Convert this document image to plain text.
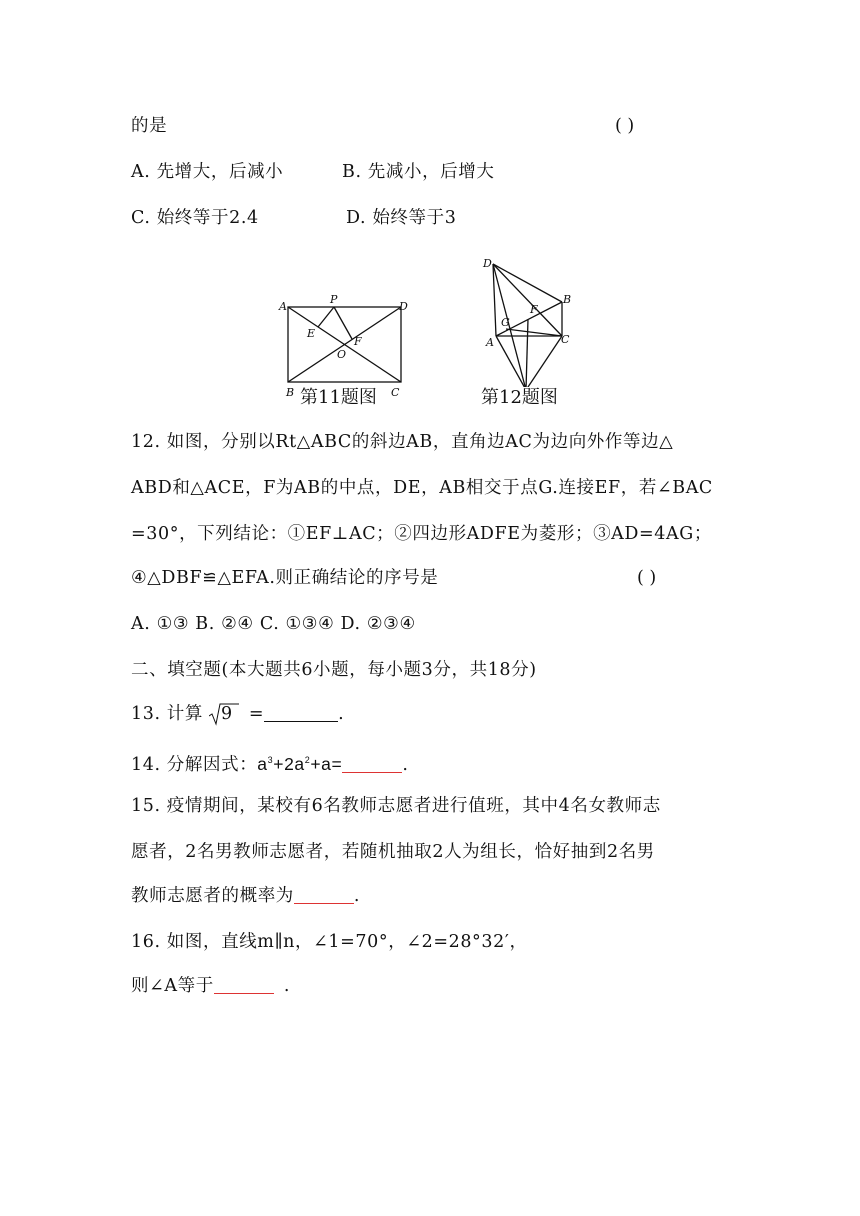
的是	( )
A. 先增大，后减小	B. 先减小，后增大
C. 始终等于2.4	D. 始终等于3
A
P
D
E
F
O
B	C
第11题图
D
B
F
G
A	C
第12题图
12. 如图，分别以Rt△ABC的斜边AB，直角边AC为边向外作等边△
ABD和△ACE，F为AB的中点，DE，AB相交于点G.连接EF，若∠BAC
=30°，下列结论：①EF⊥AC；②四边形ADFE为菱形；③AD=4AG；
④△DBF≌△EFA.则正确结论的序号是	( )
A. ①③ B. ②④ C. ①③④ D. ②③④
二、填空题(本大题共6小题，每小题3分，共18分)
13. 计算 9 =	.
14. 分解因式：$a^3+2a^2+a=$	.
15. 疫情期间，某校有6名教师志愿者进行值班，其中4名女教师志
愿者，2名男教师志愿者，若随机抽取2人为组长，恰好抽到2名男
教师志愿者的概率为	.
16. 如图，直线m∥n，∠1=70°，∠2=28°32′，
则∠A等于	.
